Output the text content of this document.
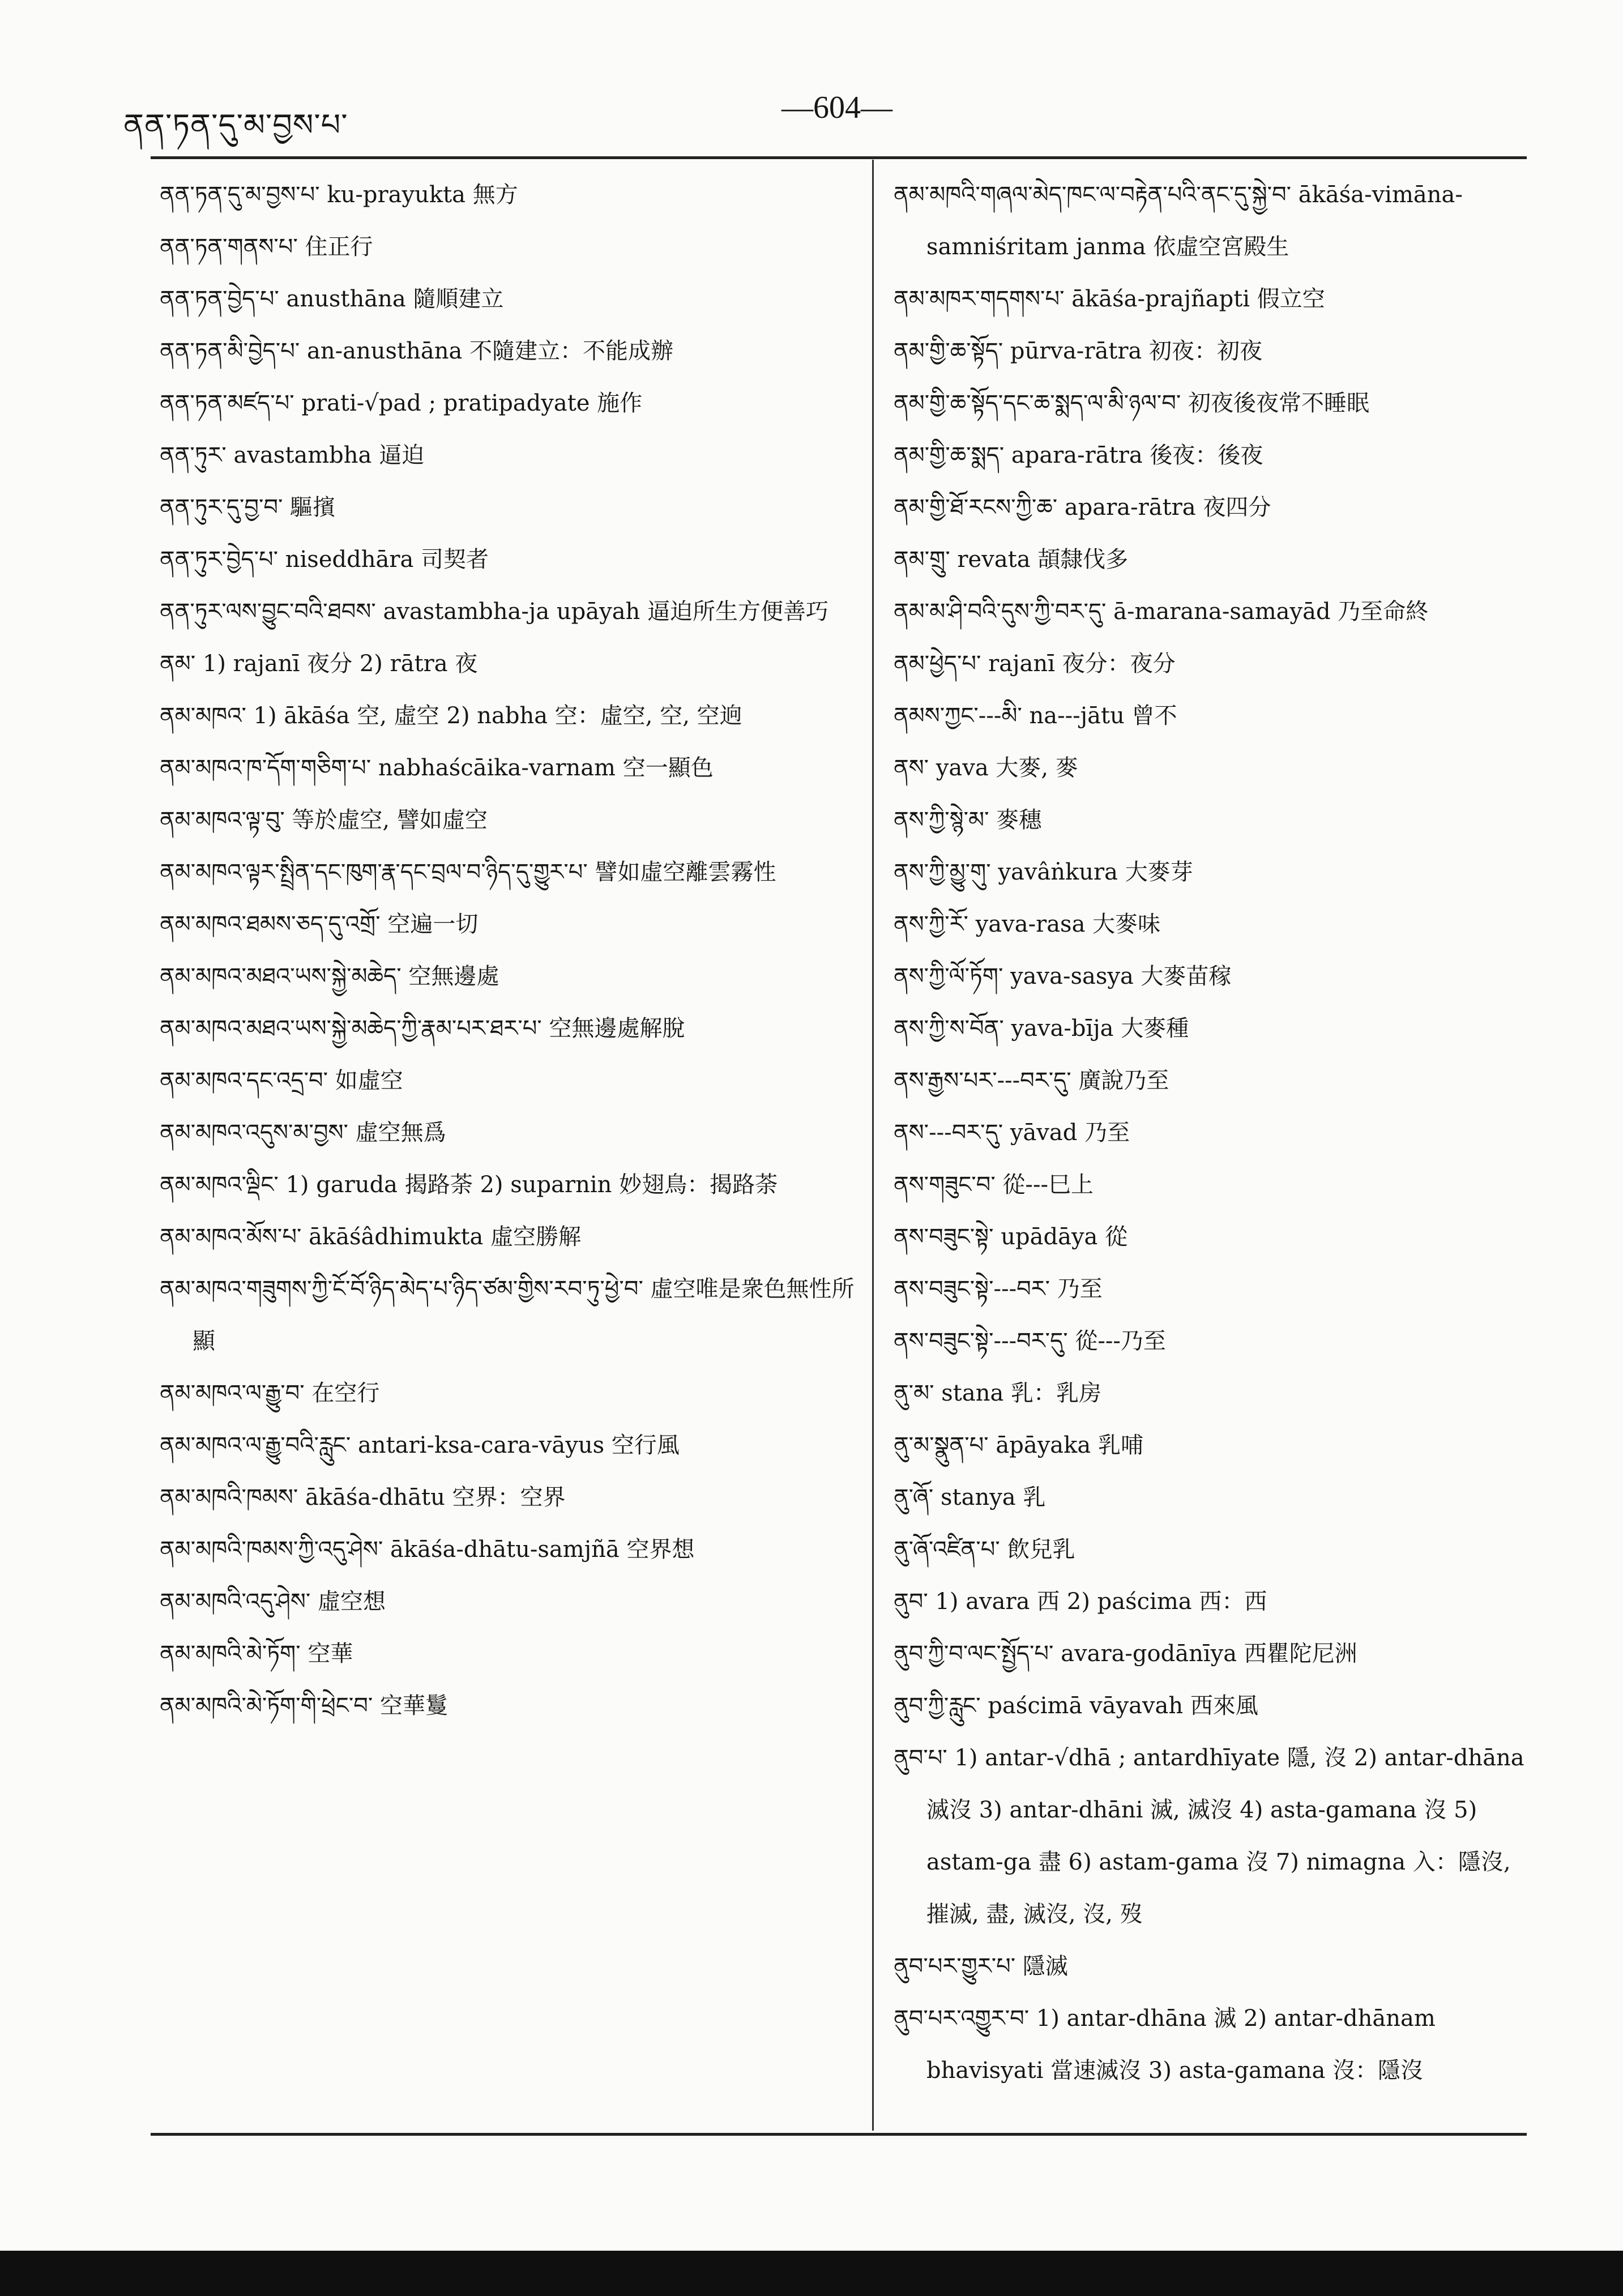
ནན་ཏན་དུ་མ་བྱས་པ་	—604—
ནན་ཏན་དུ་མ་བྱས་པ་ ku-prayukta 無方
ནན་ཏན་གནས་པ་ 住正行
ནན་ཏན་བྱེད་པ་ anusthāna 隨順建立
ནན་ཏན་མི་བྱེད་པ་ an-anusthāna 不隨建立：不能成辦
ནན་ཏན་མཛད་པ་ prati-√pad ; pratipadyate 施作
ནན་ཏུར་ avastambha 逼迫
ནན་ཏུར་དུ་བྱ་བ་ 驅擯
ནན་ཏུར་བྱེད་པ་ niseddhāra 司契者
ནན་ཏུར་ལས་བྱུང་བའི་ཐབས་ avastambha-ja upāyah 逼迫所生方便善巧
ནམ་ 1) rajanī 夜分 2) rātra 夜
ནམ་མཁའ་ 1) ākāśa 空, 虛空 2) nabha 空：虛空, 空, 空逈
ནམ་མཁའ་ཁ་དོག་གཅིག་པ་ nabhaścāika-varnam 空一顯色
ནམ་མཁའ་ལྟ་བུ་ 等於虛空, 譬如虛空
ནམ་མཁའ་ལྟར་སྤྲིན་དང་ཁུག་རྣ་དང་བྲལ་བ་ཉིད་དུ་གྱུར་པ་ 譬如虛空離雲霧性
ནམ་མཁའ་ཐམས་ཅད་དུ་འགྲོ་ 空遍一切
ནམ་མཁའ་མཐའ་ཡས་སྐྱེ་མཆེད་ 空無邊處
ནམ་མཁའ་མཐའ་ཡས་སྐྱེ་མཆེད་ཀྱི་རྣམ་པར་ཐར་པ་ 空無邊處解脫
ནམ་མཁའ་དང་འདྲ་བ་ 如虛空
ནམ་མཁའ་འདུས་མ་བྱས་ 虛空無爲
ནམ་མཁའ་ལྡིང་ 1) garuda 揭路荼 2) suparnin 妙翅鳥：揭路荼
ནམ་མཁའ་མོས་པ་ ākāśâdhimukta 虛空勝解
ནམ་མཁའ་གཟུགས་ཀྱི་ངོ་བོ་ཉིད་མེད་པ་ཉིད་ཙམ་གྱིས་རབ་ཏུ་ཕྱེ་བ་ 虛空唯是衆色無性所顯
ནམ་མཁའ་ལ་རྒྱུ་བ་ 在空行
ནམ་མཁའ་ལ་རྒྱུ་བའི་རླུང་ antari-ksa-cara-vāyus 空行風
ནམ་མཁའི་ཁམས་ ākāśa-dhātu 空界：空界
ནམ་མཁའི་ཁམས་ཀྱི་འདུ་ཤེས་ ākāśa-dhātu-samjñā 空界想
ནམ་མཁའི་འདུ་ཤེས་ 虛空想
ནམ་མཁའི་མེ་ཏོག་ 空華
ནམ་མཁའི་མེ་ཏོག་གི་ཕྲེང་བ་ 空華鬘
ནམ་མཁའི་གཞལ་མེད་ཁང་ལ་བརྟེན་པའི་ནང་དུ་སྐྱེ་བ་ ākāśa-vimāna-samniśritam janma 依虛空宮殿生
ནམ་མཁར་གདགས་པ་ ākāśa-prajñapti 假立空
ནམ་གྱི་ཆ་སྟོད་ pūrva-rātra 初夜：初夜
ནམ་གྱི་ཆ་སྟོད་དང་ཆ་སྨད་ལ་མི་ཉལ་བ་ 初夜後夜常不睡眠
ནམ་གྱི་ཆ་སྨད་ apara-rātra 後夜：後夜
ནམ་གྱི་ཐོ་རངས་ཀྱི་ཆ་ apara-rātra 夜四分
ནམ་གྲུ་ revata 頡隸伐多
ནམ་མ་ཤི་བའི་དུས་ཀྱི་བར་དུ་ ā-marana-samayād 乃至命終
ནམ་ཕྱེད་པ་ rajanī 夜分：夜分
ནམས་ཀྱང་---མི་ na---jātu 曾不
ནས་ yava 大麥, 麥
ནས་ཀྱི་སྙེ་མ་ 麥穗
ནས་ཀྱི་མྱུ་གུ་ yavâṅkura 大麥芽
ནས་ཀྱི་རོ་ yava-rasa 大麥味
ནས་ཀྱི་ལོ་ཏོག་ yava-sasya 大麥苗稼
ནས་ཀྱི་ས་བོན་ yava-bīja 大麥種
ནས་རྒྱས་པར་---བར་དུ་ 廣說乃至
ནས་---བར་དུ་ yāvad 乃至
ནས་གཟུང་བ་ 從---巳上
ནས་བཟུང་སྟེ་ upādāya 從
ནས་བཟུང་སྟེ་---བར་ 乃至
ནས་བཟུང་སྟེ་---བར་དུ་ 從---乃至
ནུ་མ་ stana 乳：乳房
ནུ་མ་སྣུན་པ་ āpāyaka 乳哺
ནུ་ཞོ་ stanya 乳
ནུ་ཞོ་འཛིན་པ་ 飲兒乳
ནུབ་ 1) avara 西 2) paścima 西：西
ནུབ་ཀྱི་བ་ལང་སྤྱོད་པ་ avara-godānīya 西瞿陀尼洲
ནུབ་ཀྱི་རླུང་ paścimā vāyavah 西來風
ནུབ་པ་ 1) antar-√dhā ; antardhīyate 隱, 沒 2) antar-dhāna 滅沒 3) antar-dhāni 滅, 滅沒 4) asta-gamana 沒 5) astam-ga 盡 6) astam-gama 沒 7) nimagna 入：隱沒, 摧滅, 盡, 滅沒, 沒, 歿
ནུབ་པར་གྱུར་པ་ 隱滅
ནུབ་པར་འགྱུར་བ་ 1) antar-dhāna 滅 2) antar-dhānam bhavisyati 當速滅沒 3) asta-gamana 沒：隱沒
